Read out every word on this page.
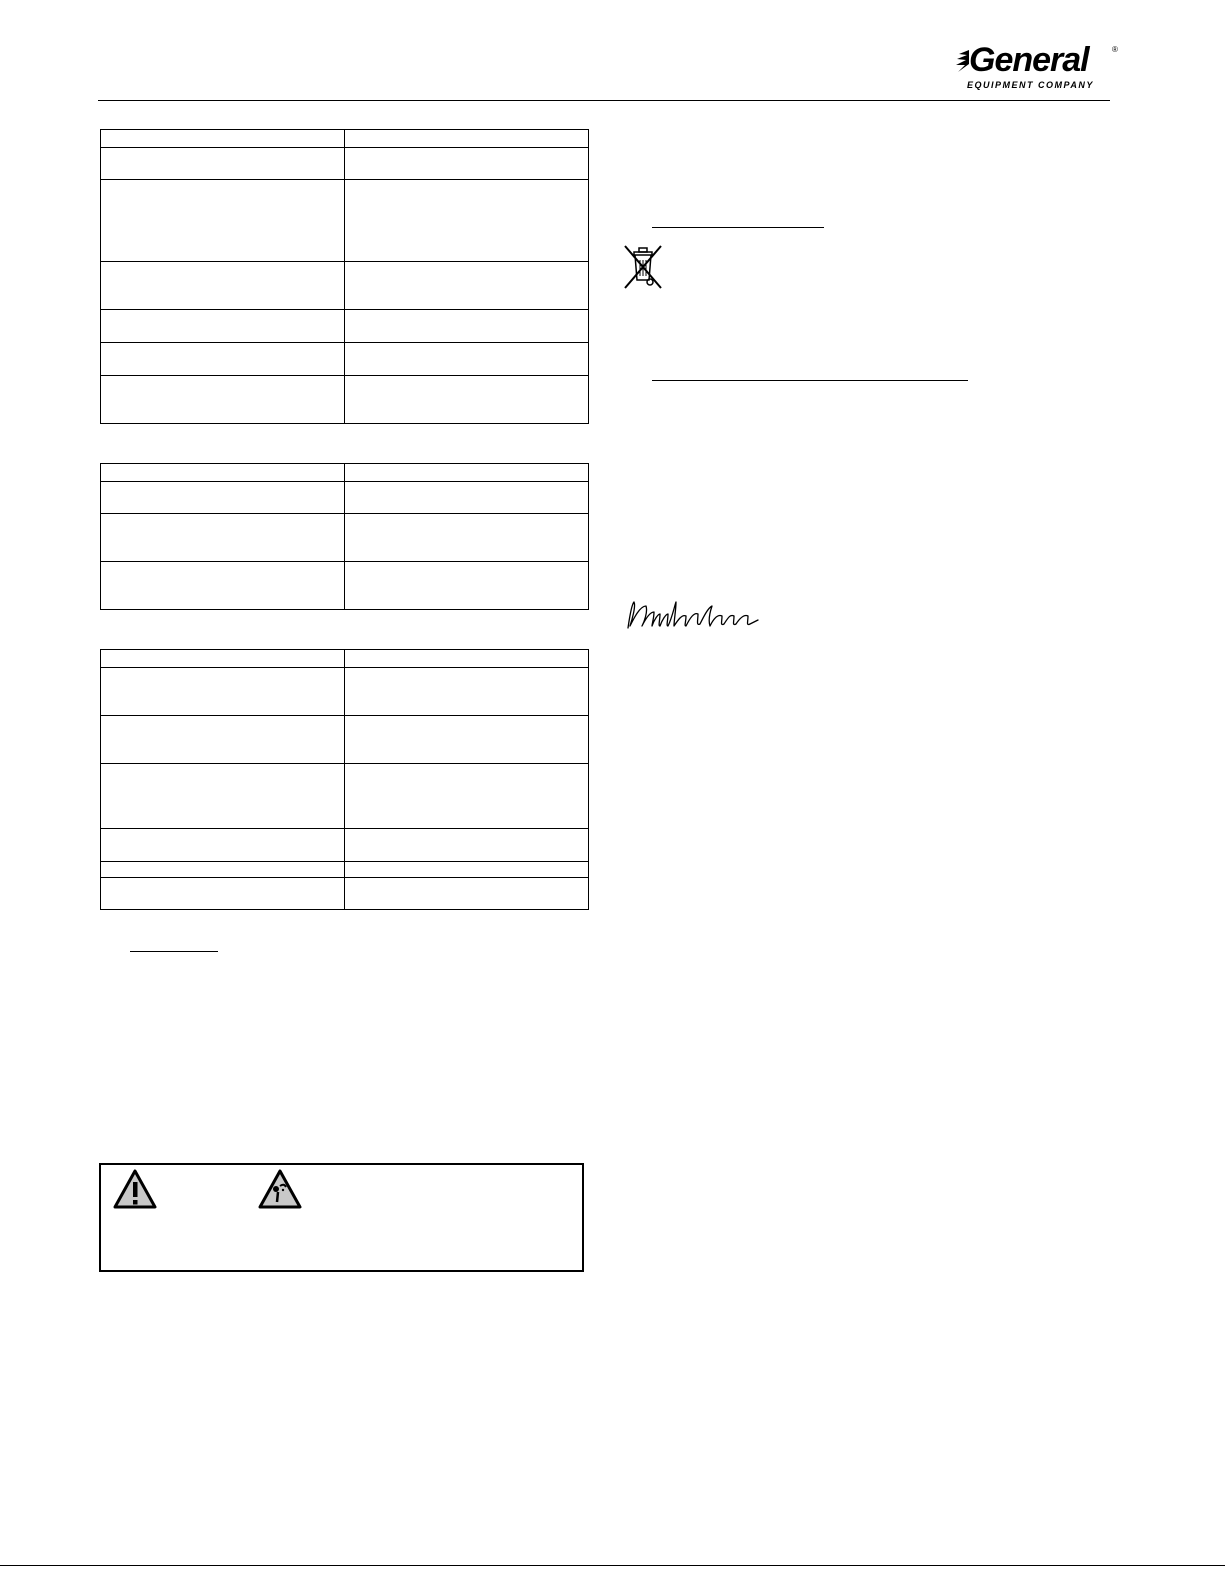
General	®
EQUIPMENT COMPANY
